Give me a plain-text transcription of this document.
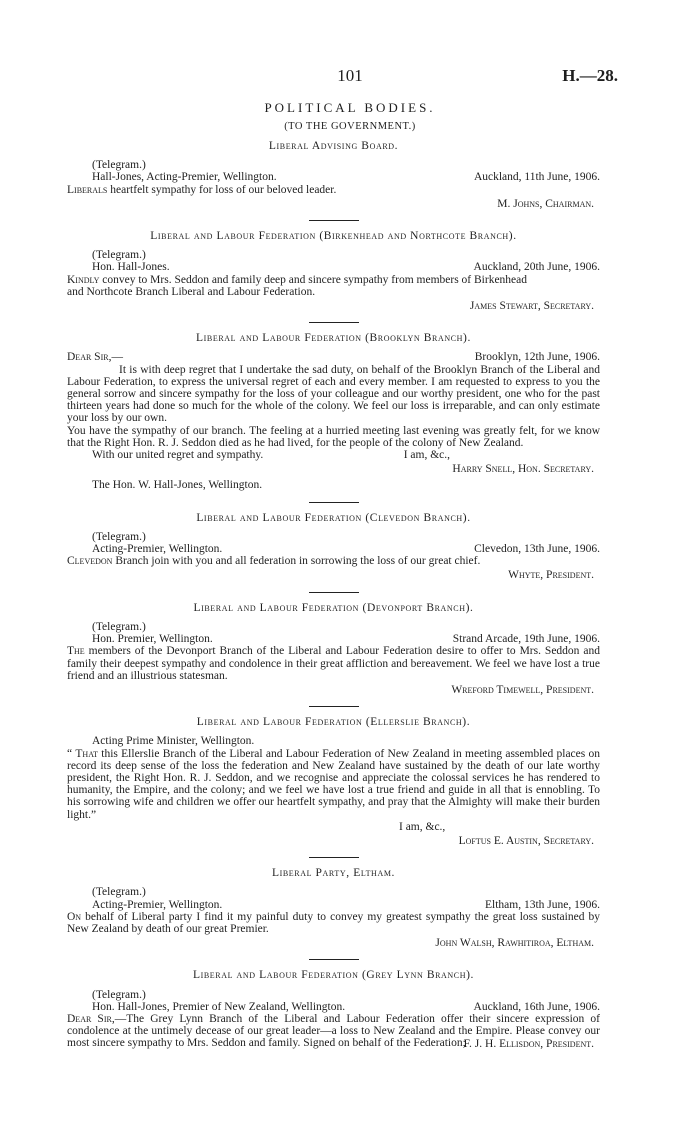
101	H.—28.
POLITICAL BODIES.
(TO THE GOVERNMENT.)
Liberal Advising Board.
(Telegram.)
Hall-Jones, Acting-Premier, Wellington.	Auckland, 11th June, 1906.
Liberals heartfelt sympathy for loss of our beloved leader.
M. Johns, Chairman.
Liberal and Labour Federation (Birkenhead and Northcote Branch).
(Telegram.)
Hon. Hall-Jones.	Auckland, 20th June, 1906.
Kindly convey to Mrs. Seddon and family deep and sincere sympathy from members of Birkenhead
and Northcote Branch Liberal and Labour Federation.
James Stewart, Secretary.
Liberal and Labour Federation (Brooklyn Branch).
Dear Sir,—	Brooklyn, 12th June, 1906.
It is with deep regret that I undertake the sad duty, on behalf of the Brooklyn Branch of the Liberal and Labour Federation, to express the universal regret of each and every member. I am requested to express to you the general sorrow and sincere sympathy for the loss of your colleague and our worthy president, one who for the past thirteen years had done so much for the whole of the colony. We feel our loss is irreparable, and can only estimate your loss by our own.
You have the sympathy of our branch. The feeling at a hurried meeting last evening was greatly felt, for we know that the Right Hon. R. J. Seddon died as he had lived, for the people of the colony of New Zealand.
With our united regret and sympathy.	I am, &c.,
Harry Snell, Hon. Secretary.
The Hon. W. Hall-Jones, Wellington.
Liberal and Labour Federation (Clevedon Branch).
(Telegram.)
Acting-Premier, Wellington.	Clevedon, 13th June, 1906.
Clevedon Branch join with you and all federation in sorrowing the loss of our great chief.
Whyte, President.
Liberal and Labour Federation (Devonport Branch).
(Telegram.)
Hon. Premier, Wellington.	Strand Arcade, 19th June, 1906.
The members of the Devonport Branch of the Liberal and Labour Federation desire to offer to Mrs. Seddon and family their deepest sympathy and condolence in their great affliction and bereavement. We feel we have lost a true friend and an illustrious statesman.
Wreford Timewell, President.
Liberal and Labour Federation (Ellerslie Branch).
Acting Prime Minister, Wellington.
“ That this Ellerslie Branch of the Liberal and Labour Federation of New Zealand in meeting assembled places on record its deep sense of the loss the federation and New Zealand have sustained by the death of our late worthy president, the Right Hon. R. J. Seddon, and we recognise and appreciate the colossal services he has rendered to humanity, the Empire, and the colony; and we feel we have lost a true friend and guide in all that is ennobling. To his sorrowing wife and children we offer our heartfelt sympathy, and pray that the Almighty will make their burden light.”
I am, &c.,
Loftus E. Austin, Secretary.
Liberal Party, Eltham.
(Telegram.)
Acting-Premier, Wellington.	Eltham, 13th June, 1906.
On behalf of Liberal party I find it my painful duty to convey my greatest sympathy the great loss sustained by New Zealand by death of our great Premier.
John Walsh, Rawhitiroa, Eltham.
Liberal and Labour Federation (Grey Lynn Branch).
(Telegram.)
Hon. Hall-Jones, Premier of New Zealand, Wellington.	Auckland, 16th June, 1906.
Dear Sir,—The Grey Lynn Branch of the Liberal and Labour Federation offer their sincere expression of condolence at the untimely decease of our great leader—a loss to New Zealand and the Empire. Please convey our most sincere sympathy to Mrs. Seddon and family. Signed on behalf of the Federation;
F. J. H. Ellisdon, President.
